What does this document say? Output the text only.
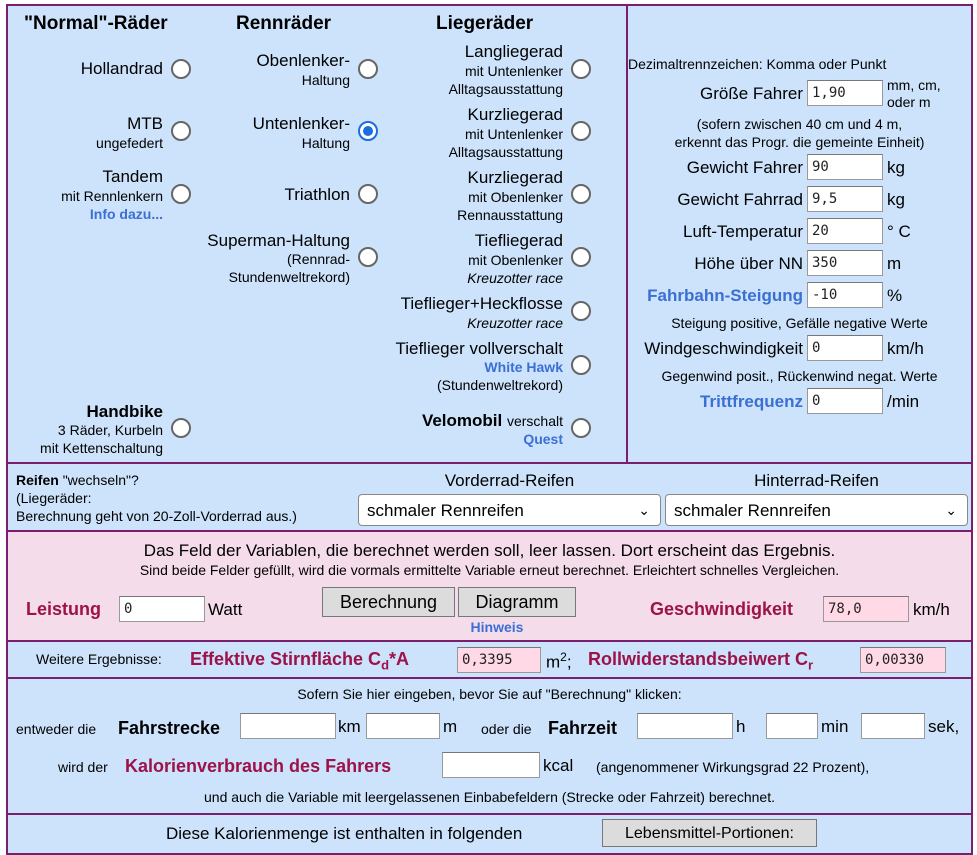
"Normal"-Räder	Rennräder	Liegeräder
Hollandrad
MTB
ungefedert
Tandem
mit Rennlenkern
Info dazu...
Handbike
3 Räder, Kurbeln
mit Kettenschaltung
Obenlenker-
Haltung
Untenlenker-
Haltung
Triathlon
Superman-Haltung
(Rennrad-
Stundenweltrekord)
Langliegerad
mit Untenlenker
Alltagsausstattung
Kurzliegerad
mit Untenlenker
Alltagsausstattung
Kurzliegerad
mit Obenlenker
Rennausstattung
Tiefliegerad
mit Obenlenker
Kreuzotter race
Tieflieger+Heckflosse
Kreuzotter race
Tieflieger vollverschalt
White Hawk
(Stundenweltrekord)
Velomobil verschalt
Quest
Dezimaltrennzeichen: Komma oder Punkt
Größe Fahrer 1,90	mm, cm,
oder m
(sofern zwischen 40 cm und 4 m,
erkennt das Progr. die gemeinte Einheit)
Gewicht Fahrer 90	kg
Gewicht Fahrrad 9,5	kg
Luft-Temperatur 20	° C
Höhe über NN 350	m
Fahrbahn-Steigung -10	%
Steigung positive, Gefälle negative Werte
Windgeschwindigkeit 0	km/h
Gegenwind posit., Rückenwind negat. Werte
Trittfrequenz 0	/min
Reifen "wechseln"?
(Liegeräder:
Berechnung geht von 20-Zoll-Vorderrad aus.)
Vorderrad-Reifen
schmaler Rennreifen	⌄
Hinterrad-Reifen
schmaler Rennreifen	⌄
Das Feld der Variablen, die berechnet werden soll, leer lassen. Dort erscheint das Ergebnis.
Sind beide Felder gefüllt, wird die vormals ermittelte Variable erneut berechnet. Erleichtert schnelles Vergleichen.
Leistung	0	Watt	Berechnung	Diagramm
Hinweis
Geschwindigkeit	78,0	km/h
Weitere Ergebnisse: Effektive Stirnfläche $C_d*A$	0,3395	$m^2$; Rollwiderstandsbeiwert $C_r$	0,00330
Sofern Sie hier eingeben, bevor Sie auf "Berechnung" klicken:
entweder die Fahrstrecke	km	m oder die Fahrzeit	h	min	sek,
wird der Kalorienverbrauch des Fahrers	kcal (angenommener Wirkungsgrad 22 Prozent),
und auch die Variable mit leergelassenen Einbabefeldern (Strecke oder Fahrzeit) berechnet.
Diese Kalorienmenge ist enthalten in folgenden	Lebensmittel-Portionen:
